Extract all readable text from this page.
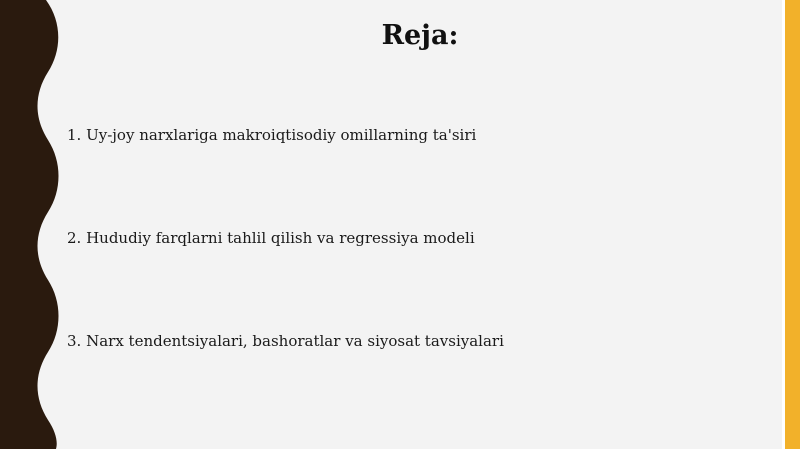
Reja:
1. Uy-joy narxlariga makroiqtisodiy omillarning ta'siri
2. Hududiy farqlarni tahlil qilish va regressiya modeli
3. Narx tendentsiyalari, bashoratlar va siyosat tavsiyalari
